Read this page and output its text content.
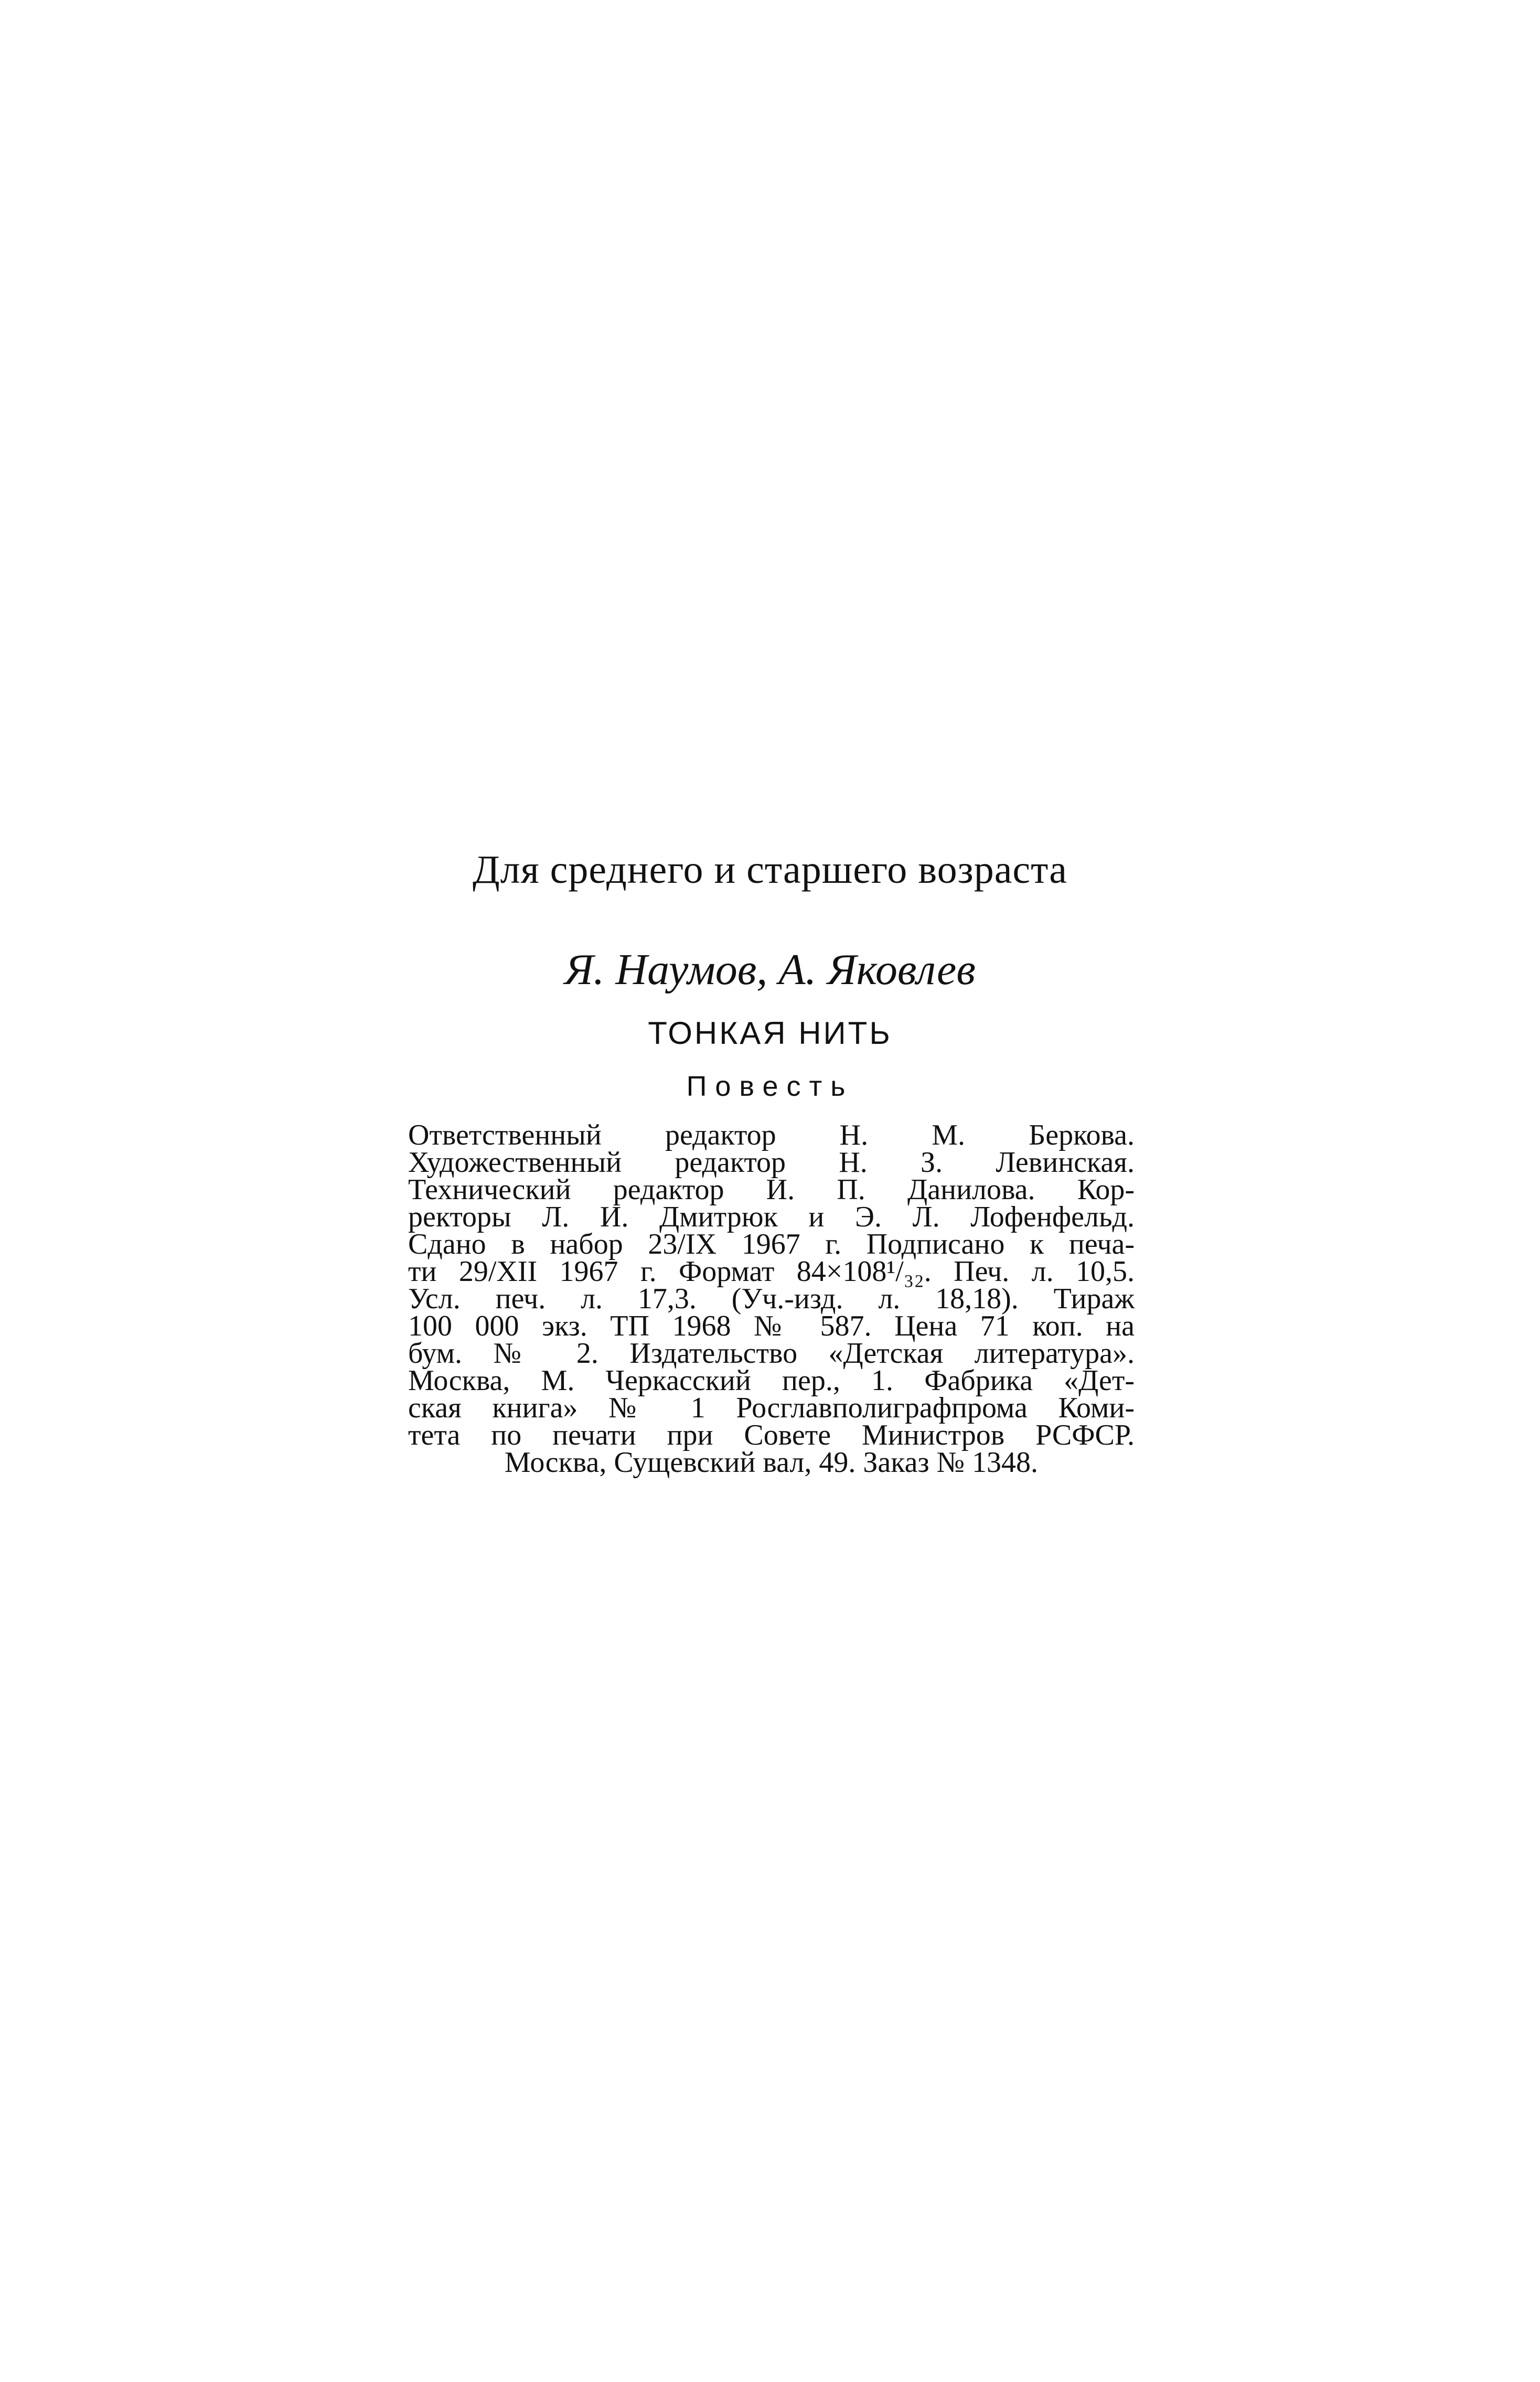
Для среднего и старшего возраста
Я. Наумов, А. Яковлев
ТОНКАЯ НИТЬ
Повесть
Ответственный редактор Н. М. Беркова.
Художественный редактор Н. З. Левинская.
Технический редактор И. П. Данилова. Кор-
ректоры Л. И. Дмитрюк и Э. Л. Лофенфельд.
Сдано в набор 23/IX 1967 г. Подписано к печа-
ти 29/XII 1967 г. Формат 84×108¹/₃₂. Печ. л. 10,5.
Усл. печ. л. 17,3. (Уч.-изд. л. 18,18). Тираж
100 000 экз. ТП 1968 № 587. Цена 71 коп. на
бум. № 2. Издательство «Детская литература».
Москва, М. Черкасский пер., 1. Фабрика «Дет-
ская книга» № 1 Росглавполиграфпрома Коми-
тета по печати при Совете Министров РСФСР.
Москва, Сущевский вал, 49. Заказ № 1348.
